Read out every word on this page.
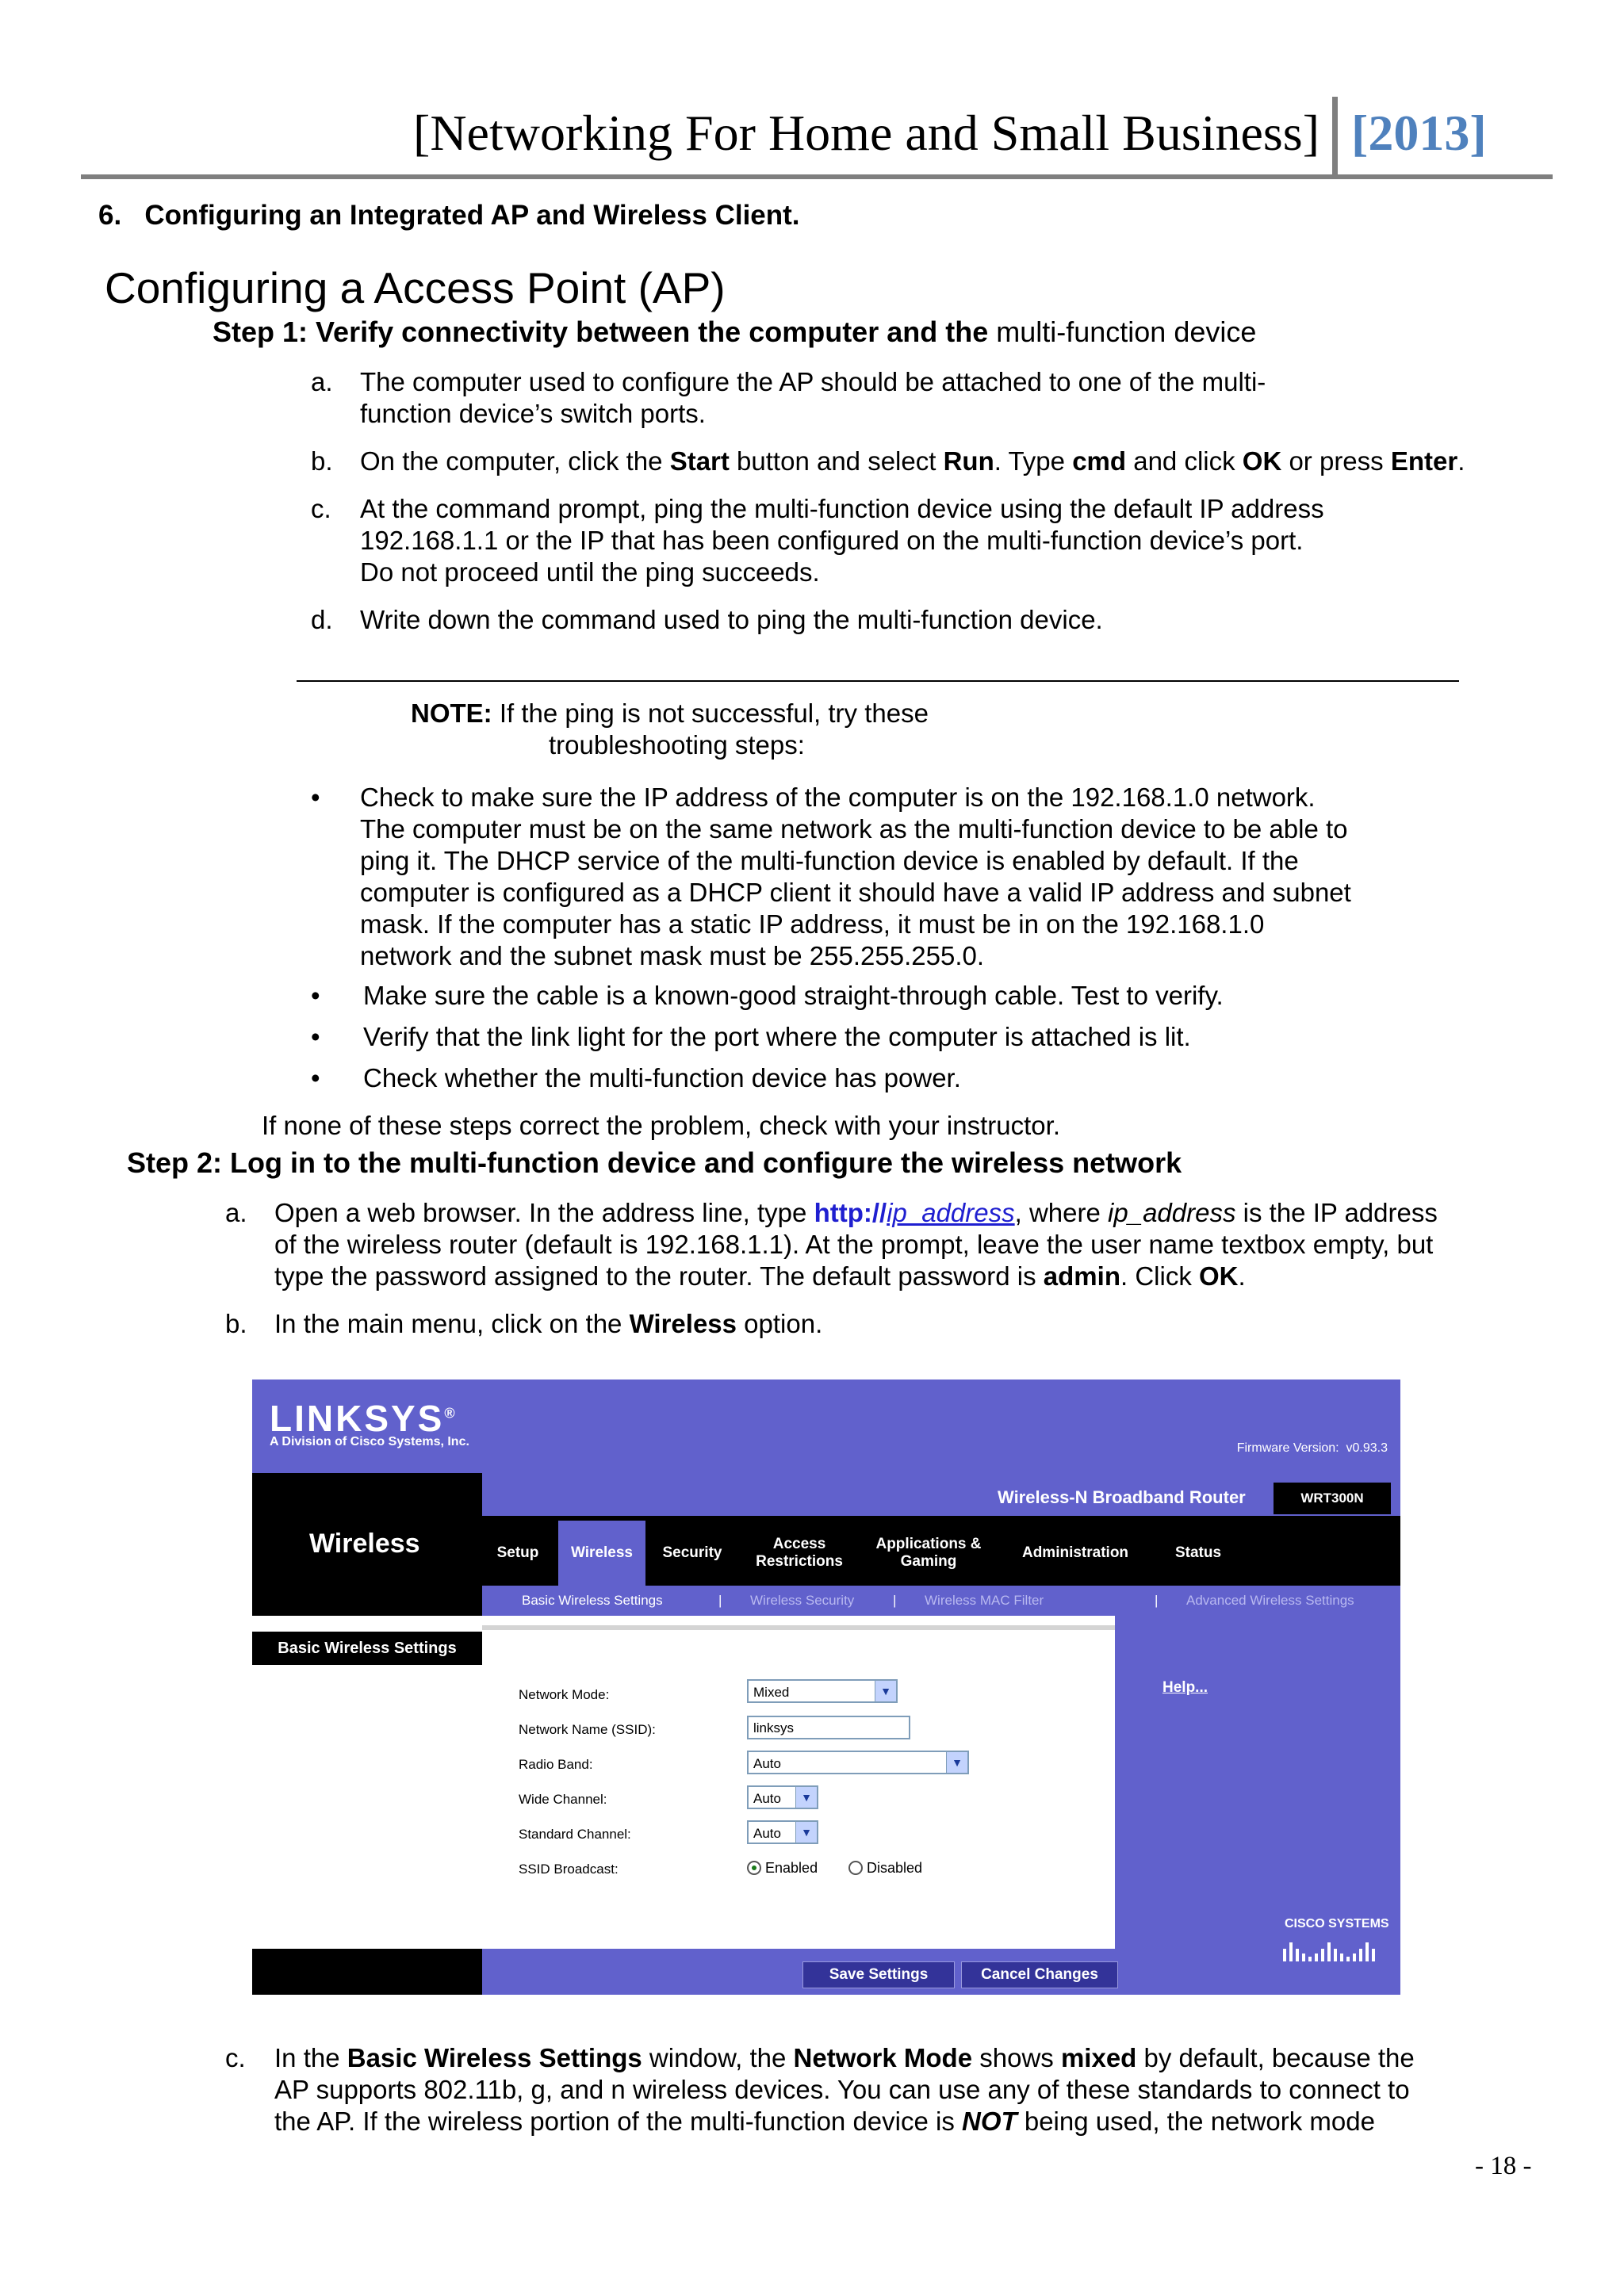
[Networking For Home and Small Business] [2013]
6.   Configuring an Integrated AP and Wireless Client.
Configuring a Access Point (AP)
Step 1: Verify connectivity between the computer and the multi-function device
a. The computer used to configure the AP should be attached to one of the multi-
function device’s switch ports.
b. On the computer, click the Start button and select Run. Type cmd and click OK or press Enter.
c. At the command prompt, ping the multi-function device using the default IP address
192.168.1.1 or the IP that has been configured on the multi-function device’s port.
Do not proceed until the ping succeeds.
d. Write down the command used to ping the multi-function device.
NOTE: If the ping is not successful, try these
troubleshooting steps:
• Check to make sure the IP address of the computer is on the 192.168.1.0 network.
The computer must be on the same network as the multi-function device to be able to
ping it. The DHCP service of the multi-function device is enabled by default. If the
computer is configured as a DHCP client it should have a valid IP address and subnet
mask. If the computer has a static IP address, it must be in on the 192.168.1.0
network and the subnet mask must be 255.255.255.0.
• Make sure the cable is a known-good straight-through cable. Test to verify.
• Verify that the link light for the port where the computer is attached is lit.
• Check whether the multi-function device has power.
If none of these steps correct the problem, check with your instructor.
Step 2: Log in to the multi-function device and configure the wireless network
a. Open a web browser. In the address line, type http://ip_address, where ip_address is the IP address
of the wireless router (default is 192.168.1.1). At the prompt, leave the user name textbox empty, but
type the password assigned to the router. The default password is admin. Click OK.
b. In the main menu, click on the Wireless option.
LINKSYS®
A Division of Cisco Systems, Inc.	Firmware Version:  v0.93.3
Wireless
Wireless-N Broadband Router	WRT300N
Setup	Wireless	Security
Access
Restrictions
Applications &
Gaming
Administration	Status
Basic Wireless Settings	| Wireless Security	|
| Wireless MAC Filter	Advanced Wireless Settings
Basic Wireless Settings
Network Mode:	Mixed	▼
Network Name (SSID):	linksys
Radio Band:	Auto	▼
Wide Channel:	Auto	▼
Standard Channel:	Auto	▼
SSID Broadcast:	Enabled	Disabled
Help...
CISCO SYSTEMS
Save Settings	Cancel Changes
c. In the Basic Wireless Settings window, the Network Mode shows mixed by default, because the
AP supports 802.11b, g, and n wireless devices. You can use any of these standards to connect to
the AP. If the wireless portion of the multi-function device is NOT being used, the network mode
- 18 -
